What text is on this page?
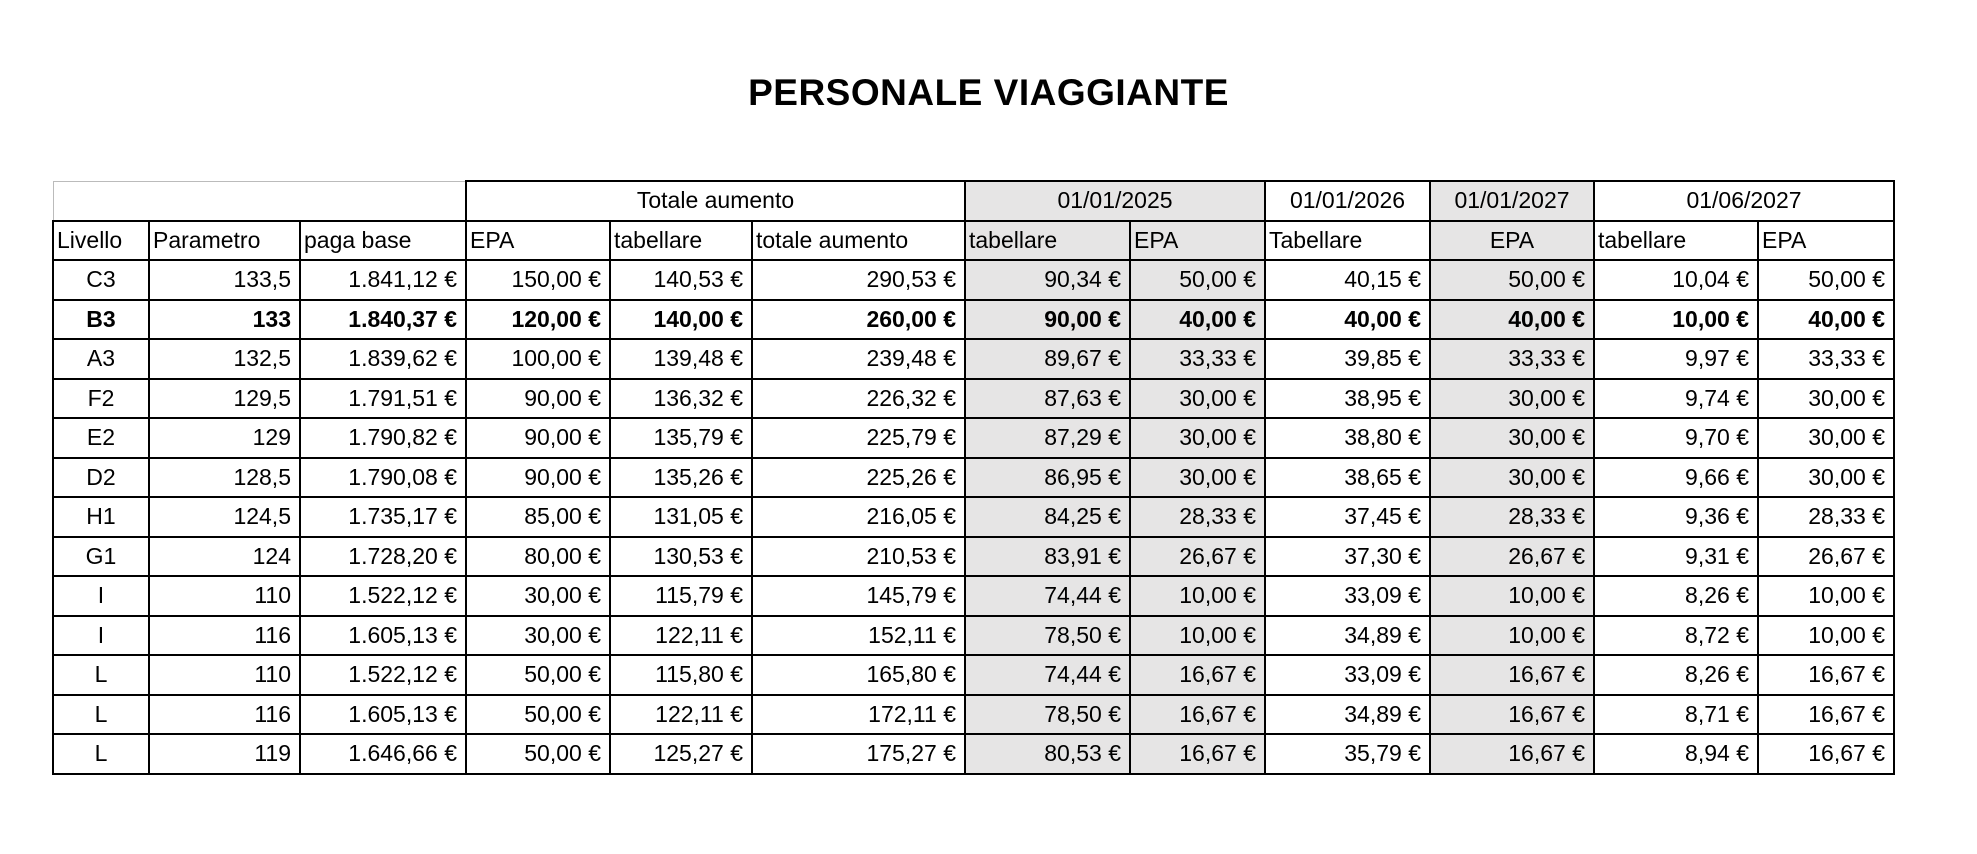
PERSONALE VIAGGIANTE
			Totale aumento			01/01/2025		01/01/2026	01/01/2027	01/06/2027	
Livello	Parametro	paga base	EPA	tabellare	totale aumento	tabellare	EPA	Tabellare	EPA	tabellare	EPA
C3	133,5	1.841,12 €	150,00 €	140,53 €	290,53 €	90,34 €	50,00 €	40,15 €	50,00 €	10,04 €	50,00 €
B3	133	1.840,37 €	120,00 €	140,00 €	260,00 €	90,00 €	40,00 €	40,00 €	40,00 €	10,00 €	40,00 €
A3	132,5	1.839,62 €	100,00 €	139,48 €	239,48 €	89,67 €	33,33 €	39,85 €	33,33 €	9,97 €	33,33 €
F2	129,5	1.791,51 €	90,00 €	136,32 €	226,32 €	87,63 €	30,00 €	38,95 €	30,00 €	9,74 €	30,00 €
E2	129	1.790,82 €	90,00 €	135,79 €	225,79 €	87,29 €	30,00 €	38,80 €	30,00 €	9,70 €	30,00 €
D2	128,5	1.790,08 €	90,00 €	135,26 €	225,26 €	86,95 €	30,00 €	38,65 €	30,00 €	9,66 €	30,00 €
H1	124,5	1.735,17 €	85,00 €	131,05 €	216,05 €	84,25 €	28,33 €	37,45 €	28,33 €	9,36 €	28,33 €
G1	124	1.728,20 €	80,00 €	130,53 €	210,53 €	83,91 €	26,67 €	37,30 €	26,67 €	9,31 €	26,67 €
I	110	1.522,12 €	30,00 €	115,79 €	145,79 €	74,44 €	10,00 €	33,09 €	10,00 €	8,26 €	10,00 €
I	116	1.605,13 €	30,00 €	122,11 €	152,11 €	78,50 €	10,00 €	34,89 €	10,00 €	8,72 €	10,00 €
L	110	1.522,12 €	50,00 €	115,80 €	165,80 €	74,44 €	16,67 €	33,09 €	16,67 €	8,26 €	16,67 €
L	116	1.605,13 €	50,00 €	122,11 €	172,11 €	78,50 €	16,67 €	34,89 €	16,67 €	8,71 €	16,67 €
L	119	1.646,66 €	50,00 €	125,27 €	175,27 €	80,53 €	16,67 €	35,79 €	16,67 €	8,94 €	16,67 €
